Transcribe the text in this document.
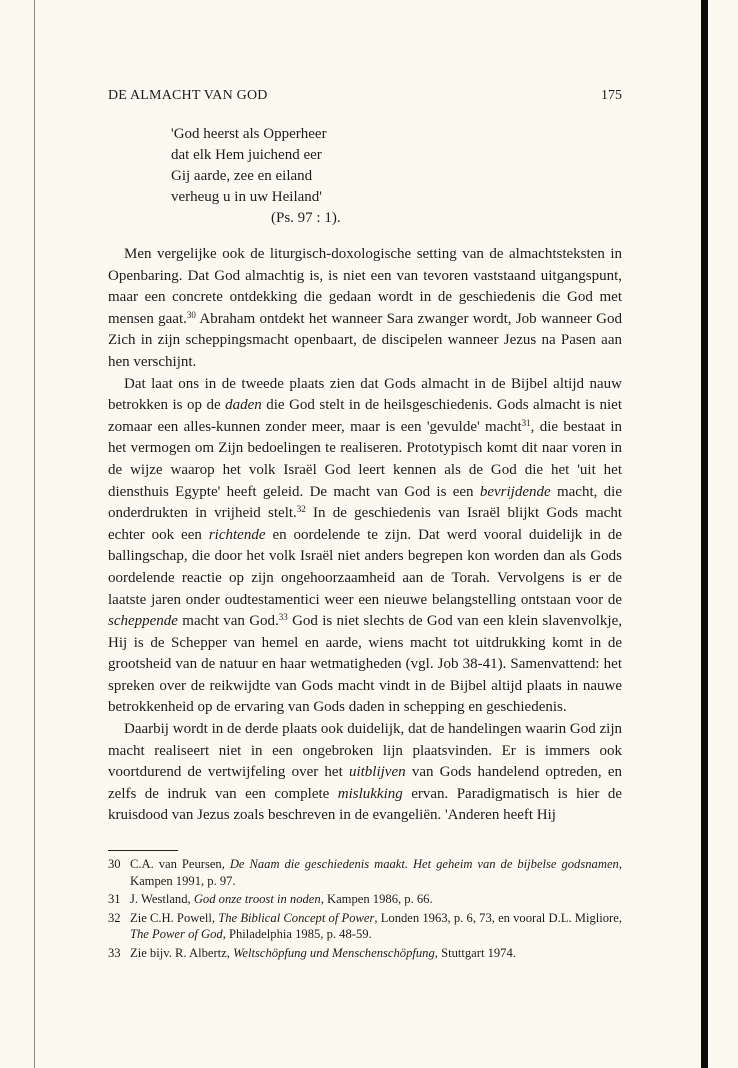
DE ALMACHT VAN GOD	175
'God heerst als Opperheer
dat elk Hem juichend eer
Gij aarde, zee en eiland
verheug u in uw Heiland'
(Ps. 97 : 1).

Men vergelijke ook de liturgisch-doxologische setting van de almachtsteksten in Openbaring. Dat God almachtig is, is niet een van tevoren vaststaand uitgangspunt, maar een concrete ontdekking die gedaan wordt in de geschiedenis die God met mensen gaat.$^{30}$ Abraham ontdekt het wanneer Sara zwanger wordt, Job wanneer God Zich in zijn scheppingsmacht openbaart, de discipelen wanneer Jezus na Pasen aan hen verschijnt.

Dat laat ons in de tweede plaats zien dat Gods almacht in de Bijbel altijd nauw betrokken is op de daden die God stelt in de heilsgeschiedenis. Gods almacht is niet zomaar een alles-kunnen zonder meer, maar is een 'gevulde' macht$^{31}$, die bestaat in het vermogen om Zijn bedoelingen te realiseren. Prototypisch komt dit naar voren in de wijze waarop het volk Israël God leert kennen als de God die het 'uit het diensthuis Egypte' heeft geleid. De macht van God is een bevrijdende macht, die onderdrukten in vrijheid stelt.$^{32}$ In de geschiedenis van Israël blijkt Gods macht echter ook een richtende en oordelende te zijn. Dat werd vooral duidelijk in de ballingschap, die door het volk Israël niet anders begrepen kon worden dan als Gods oordelende reactie op zijn ongehoorzaamheid aan de Torah. Vervolgens is er de laatste jaren onder oudtestamentici weer een nieuwe belangstelling ontstaan voor de scheppende macht van God.$^{33}$ God is niet slechts de God van een klein slavenvolkje, Hij is de Schepper van hemel en aarde, wiens macht tot uitdrukking komt in de grootsheid van de natuur en haar wetmatigheden (vgl. Job 38-41). Samenvattend: het spreken over de reikwijdte van Gods macht vindt in de Bijbel altijd plaats in nauwe betrokkenheid op de ervaring van Gods daden in schepping en geschiedenis.

Daarbij wordt in de derde plaats ook duidelijk, dat de handelingen waarin God zijn macht realiseert niet in een ongebroken lijn plaatsvinden. Er is immers ook voortdurend de vertwijfeling over het uitblijven van Gods handelend optreden, en zelfs de indruk van een complete mislukking ervan. Paradigmatisch is hier de kruisdood van Jezus zoals beschreven in de evangeliën. 'Anderen heeft Hij

30 C.A. van Peursen, De Naam die geschiedenis maakt. Het geheim van de bijbelse godsnamen, Kampen 1991, p. 97.
31 J. Westland, God onze troost in noden, Kampen 1986, p. 66.
32 Zie C.H. Powell, The Biblical Concept of Power, Londen 1963, p. 6, 73, en vooral D.L. Migliore, The Power of God, Philadelphia 1985, p. 48-59.
33 Zie bijv. R. Albertz, Weltschöpfung und Menschenschöpfung, Stuttgart 1974.
